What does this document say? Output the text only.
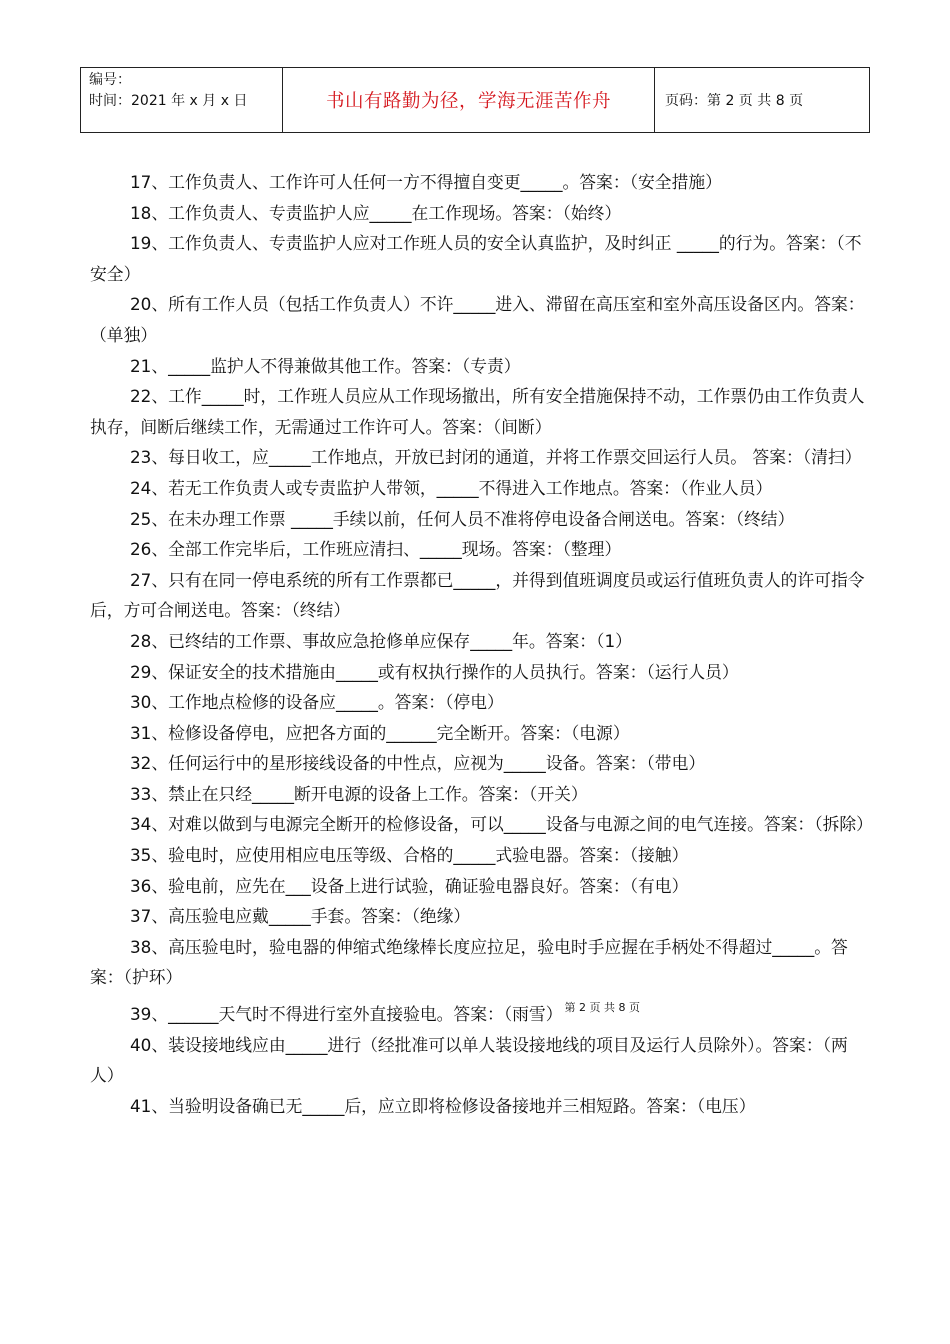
编号：
时间：2021 年 x 月 x 日	书山有路勤为径，学海无涯苦作舟	页码：第 2 页 共 8 页

17、工作负责人、工作许可人任何一方不得擅自变更_____。答案：（安全措施）

18、工作负责人、专责监护人应_____在工作现场。答案：（始终）

19、工作负责人、专责监护人应对工作班人员的安全认真监护，及时纠正 _____的行为。答案：（不安全）

20、所有工作人员（包括工作负责人）不许_____进入、滞留在高压室和室外高压设备区内。答案：（单独）

21、_____监护人不得兼做其他工作。答案：（专责）

22、工作_____时，工作班人员应从工作现场撤出，所有安全措施保持不动，工作票仍由工作负责人执存，间断后继续工作，无需通过工作许可人。答案：（间断）

23、每日收工，应_____工作地点，开放已封闭的通道，并将工作票交回运行人员。 答案：（清扫）

24、若无工作负责人或专责监护人带领，_____不得进入工作地点。答案：（作业人员）

25、在未办理工作票 _____手续以前，任何人员不准将停电设备合闸送电。答案：（终结）

26、全部工作完毕后，工作班应清扫、_____现场。答案：（整理）

27、只有在同一停电系统的所有工作票都已_____，并得到值班调度员或运行值班负责人的许可指令后，方可合闸送电。答案：（终结）

28、已终结的工作票、事故应急抢修单应保存_____年。答案：（1）

29、保证安全的技术措施由_____或有权执行操作的人员执行。答案：（运行人员）

30、工作地点检修的设备应_____。答案：（停电）

31、检修设备停电，应把各方面的______完全断开。答案：（电源）

32、任何运行中的星形接线设备的中性点，应视为_____设备。答案：（带电）

33、禁止在只经_____断开电源的设备上工作。答案：（开关）

34、对难以做到与电源完全断开的检修设备，可以_____设备与电源之间的电气连接。答案：（拆除）

35、验电时，应使用相应电压等级、合格的_____式验电器。答案：（接触）

36、验电前，应先在___设备上进行试验，确证验电器良好。答案：（有电）

37、高压验电应戴_____手套。答案：（绝缘）

38、高压验电时，验电器的伸缩式绝缘棒长度应拉足，验电时手应握在手柄处不得超过_____。答案：（护环）

39、______天气时不得进行室外直接验电。答案：（雨雪） $^{第 2 页 共 8 页}$

40、装设接地线应由_____进行（经批准可以单人装设接地线的项目及运行人员除外）。答案：（两人）

41、当验明设备确已无_____后，应立即将检修设备接地并三相短路。答案：（电压）
